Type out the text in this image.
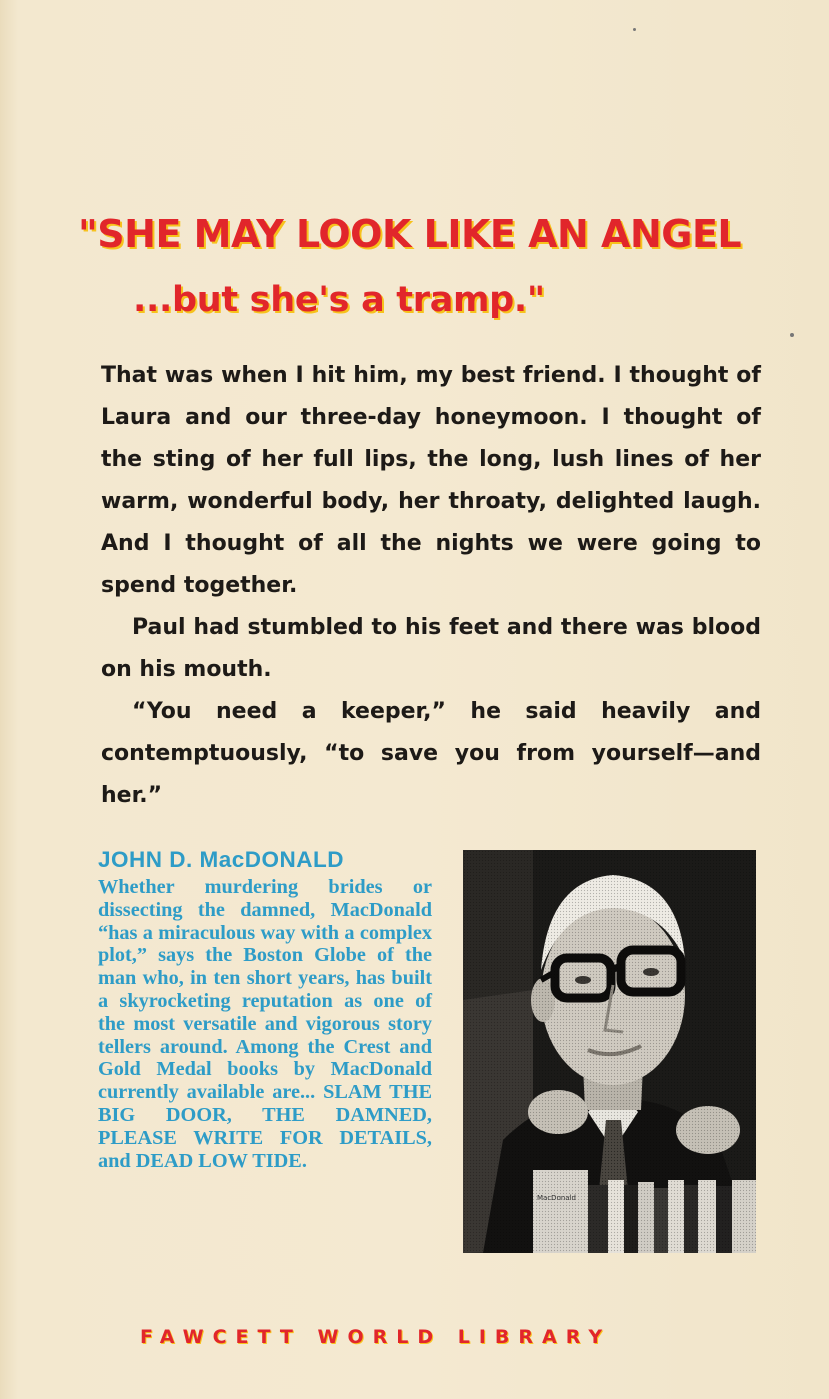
"SHE MAY LOOK LIKE AN ANGEL
...but she's a tramp."

That was when I hit him, my best friend. I thought of Laura and our three-day honeymoon. I thought of the sting of her full lips, the long, lush lines of her warm, wonderful body, her throaty, delighted laugh. And I thought of all the nights we were going to spend together.

Paul had stumbled to his feet and there was blood on his mouth.

“You need a keeper,” he said heavily and contemptuously, “to save you from yourself—and her.”

JOHN D. MacDONALD
Whether murdering brides or dissecting the damned, MacDonald “has a miraculous way with a complex plot,” says the Boston Globe of the man who, in ten short years, has built a skyrocketing reputation as one of the most versatile and vigorous story tellers around. Among the Crest and Gold Medal books by MacDonald currently available are... SLAM THE BIG DOOR, THE DAMNED, PLEASE WRITE FOR DETAILS, and DEAD LOW TIDE.
FAWCETT WORLD LIBRARY
